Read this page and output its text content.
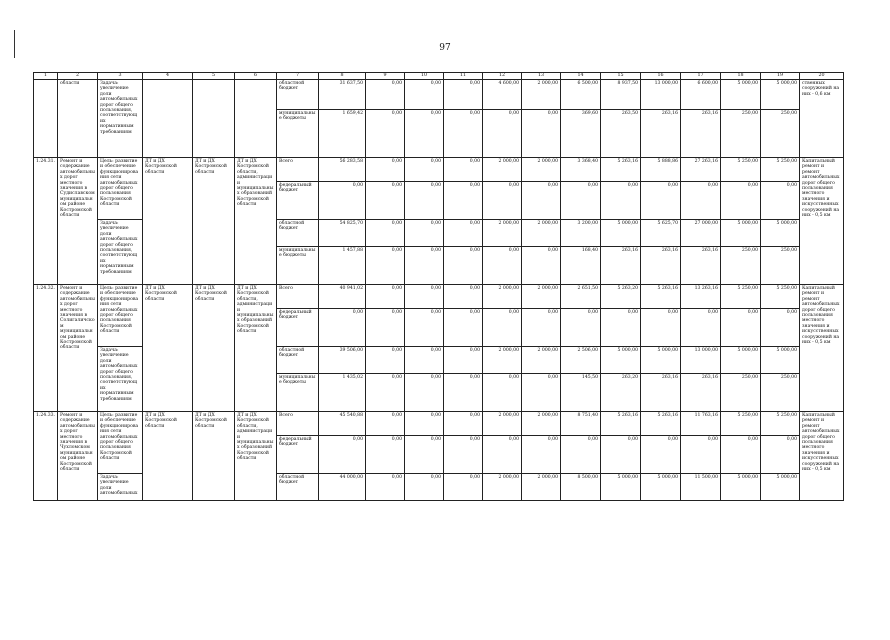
97
1	2	3	4	5	6	7	8	9	10	11	12	13	14	15	16	17	18	19	20
	области	Задача: увеличение доли автомобильных дорог общего пользования, соответствующих нормативным требованиям				областной бюджет	31 637,50	0,00	0,00	0,00	4 600,00	2 000,00	6 500,00	8 937,50	13 000,00	6 600,00	5 000,00	5 000,00	ственных сооружений на них - 0,6 км
						муниципальные бюджеты	1 659,42	0,00	0,00	0,00	0,00	0,00	369,60	263,50	263,16	263,16	250,00	250,00	
1.24.31.	Ремонт и содержание автомобильных дорог местного значения в Судиславском муниципальном районе Костромской области	Цель: развитие и обеспечение функционирования сети автомобильных дорог общего пользования Костромской области	ДТ и ДХ Костромской области	ДТ и ДХ Костромской области	ДТ и ДХ Костромской области, администрации муниципальных образований Костромской области	Всего	56 283,58	0,00	0,00	0,00	2 000,00	2 000,00	3 368,40	5 263,16	5 888,86	27 263,16	5 250,00	5 250,00	Капитальный ремонт и ремонт автомобильных дорог общего пользования местного значения и искусственных сооружений на них - 0,5 км
						федеральный бюджет	0,00	0,00	0,00	0,00	0,00	0,00	0,00	0,00	0,00	0,00	0,00	0,00	
		Задача: увеличение доли автомобильных дорог общего пользования, соответствующих нормативным требованиям				областной бюджет	54 825,70	0,00	0,00	0,00	2 000,00	2 000,00	3 200,00	5 000,00	5 625,70	27 000,00	5 000,00	5 000,00	
						муниципальные бюджеты	1 457,88	0,00	0,00	0,00	0,00	0,00	168,40	263,16	263,16	263,16	250,00	250,00	
1.24.32.	Ремонт и содержание автомобильных дорог местного значения в Солигаличском муниципальном районе Костромской области	Цель: развитие и обеспечение функционирования сети автомобильных дорог общего пользования Костромской области	ДТ и ДХ Костромской области	ДТ и ДХ Костромской области	ДТ и ДХ Костромской области, администрации муниципальных образований Костромской области	Всего	40 941,02	0,00	0,00	0,00	2 000,00	2 000,00	2 651,50	5 263,20	5 263,16	13 263,16	5 250,00	5 250,00	Капитальный ремонт и ремонт автомобильных дорог общего пользования местного значения и искусственных сооружений на них - 0,5 км
						федеральный бюджет	0,00	0,00	0,00	0,00	0,00	0,00	0,00	0,00	0,00	0,00	0,00	0,00	
		Задача: увеличение доли автомобильных дорог общего пользования, соответствующих нормативным требованиям				областной бюджет	39 506,00	0,00	0,00	0,00	2 000,00	2 000,00	2 506,00	5 000,00	5 000,00	13 000,00	5 000,00	5 000,00	
						муниципальные бюджеты	1 435,02	0,00	0,00	0,00	0,00	0,00	145,50	263,20	263,16	263,16	250,00	250,00	
1.24.33.	Ремонт и содержание автомобильных дорог местного значения в Чухломском муниципальном районе Костромской области	Цель: развитие и обеспечение функционирования сети автомобильных дорог общего пользования Костромской области	ДТ и ДХ Костромской области	ДТ и ДХ Костромской области	ДТ и ДХ Костромской области, администрации муниципальных образований Костромской области	Всего	45 540,88	0,00	0,00	0,00	2 000,00	2 000,00	8 751,40	5 263,16	5 263,16	11 763,16	5 250,00	5 250,00	Капитальный ремонт и ремонт автомобильных дорог общего пользования местного значения и искусственных сооружений на них - 0,5 км
						федеральный бюджет	0,00	0,00	0,00	0,00	0,00	0,00	0,00	0,00	0,00	0,00	0,00	0,00	
		Задача: увеличение доли автомобильных				областной бюджет	44 000,00	0,00	0,00	0,00	2 000,00	2 000,00	8 500,00	5 000,00	5 000,00	11 500,00	5 000,00	5 000,00	
